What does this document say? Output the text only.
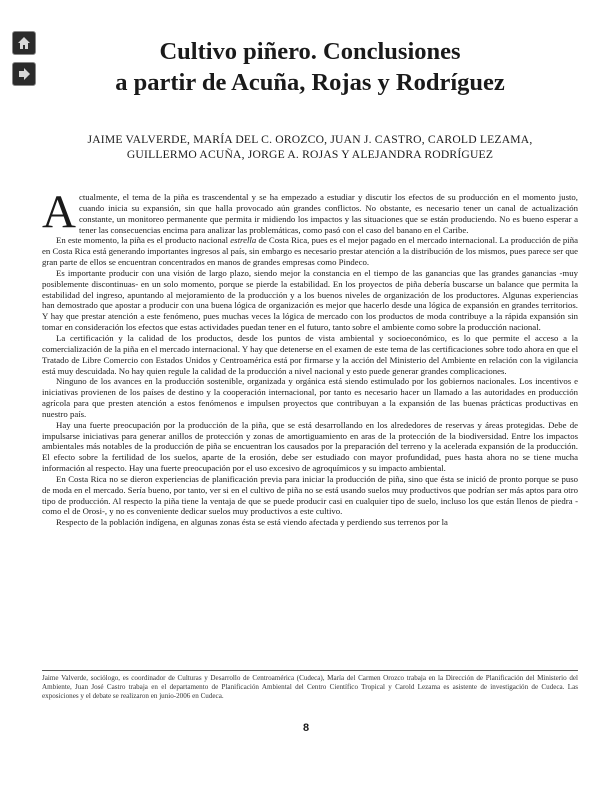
Cultivo piñero. Conclusiones
a partir de Acuña, Rojas y Rodríguez
JAIME VALVERDE, MARÍA DEL C. OROZCO, JUAN J. CASTRO, CAROLD LEZAMA,
GUILLERMO ACUÑA, JORGE A. ROJAS Y ALEJANDRA RODRÍGUEZ

Actualmente, el tema de la piña es trascendental y se ha empezado a estudiar y discutir los efectos de su producción en el momento justo, cuando inicia su expansión, sin que halla provocado aún grandes conflictos. No obstante, es necesario tener un canal de actualización constante, un monitoreo permanente que permita ir midiendo los impactos y las situaciones que se están produciendo. No es bueno esperar a tener las consecuencias encima para analizar las problemáticas, como pasó con el caso del banano en el Caribe.

En este momento, la piña es el producto nacional estrella de Costa Rica, pues es el mejor pagado en el mercado internacional. La producción de piña en Costa Rica está generando importantes ingresos al país, sin embargo es necesario prestar atención a la distribución de los mismos, pues parece ser que gran parte de ellos se encuentran concentrados en manos de grandes empresas como Pindeco.

Es importante producir con una visión de largo plazo, siendo mejor la constancia en el tiempo de las ganancias que las grandes ganancias -muy posiblemente discontinuas- en un solo momento, porque se pierde la estabilidad. En los proyectos de piña debería buscarse un balance que permita la estabilidad del ingreso, apuntando al mejoramiento de la producción y a los buenos niveles de organización de los productores. Algunas experiencias han demostrado que apostar a producir con una buena lógica de organización es mejor que hacerlo desde una lógica de expansión en grandes territorios. Y hay que prestar atención a este fenómeno, pues muchas veces la lógica de mercado con los productos de moda contribuye a la rápida expansión sin tomar en consideración los efectos que estas actividades puedan tener en el futuro, tanto sobre el ambiente como sobre la producción nacional.

La certificación y la calidad de los productos, desde los puntos de vista ambiental y socioeconómico, es lo que permite el acceso a la comercialización de la piña en el mercado internacional. Y hay que detenerse en el examen de este tema de las certificaciones sobre todo ahora en que el Tratado de Libre Comercio con Estados Unidos y Centroamérica está por firmarse y la acción del Ministerio del Ambiente en relación con la vigilancia está muy descuidada. No hay quien regule la calidad de la producción a nivel nacional y esto puede generar grandes complicaciones.

Ninguno de los avances en la producción sostenible, organizada y orgánica está siendo estimulado por los gobiernos nacionales. Los incentivos e iniciativas provienen de los países de destino y la cooperación internacional, por tanto es necesario hacer un llamado a las autoridades en producción agrícola para que presten atención a estos fenómenos e impulsen proyectos que contribuyan a la expansión de las buenas prácticas productivas en nuestro país.

Hay una fuerte preocupación por la producción de la piña, que se está desarrollando en los alrededores de reservas y áreas protegidas. Debe de impulsarse iniciativas para generar anillos de protección y zonas de amortiguamiento en aras de la protección de la biodiversidad. Entre los impactos ambientales más notables de la producción de piña se encuentran los causados por la preparación del terreno y la acelerada expansión de la producción. El efecto sobre la fertilidad de los suelos, aparte de la erosión, debe ser estudiado con mayor profundidad, pues hasta ahora no se tiene mucha información al respecto. Hay una fuerte preocupación por el uso excesivo de agroquímicos y su impacto ambiental.

En Costa Rica no se dieron experiencias de planificación previa para iniciar la producción de piña, sino que ésta se inició de pronto porque se puso de moda en el mercado. Sería bueno, por tanto, ver si en el cultivo de piña no se está usando suelos muy productivos que podrían ser más aptos para otro tipo de producción. Al respecto la piña tiene la ventaja de que se puede producir casi en cualquier tipo de suelo, incluso los que están llenos de piedra -como el de Orosi-, y no es conveniente dedicar suelos muy productivos a este cultivo.

Respecto de la población indígena, en algunas zonas ésta se está viendo afectada y perdiendo sus terrenos por la

Jaime Valverde, sociólogo, es coordinador de Culturas y Desarrollo de Centroamérica (Cudeca), María del Carmen Orozco trabaja en la Dirección de Planificación del Ministerio del Ambiente, Juan José Castro trabaja en el departamento de Planificación Ambiental del Centro Científico Tropical y Carold Lezama es asistente de investigación de Cudeca. Las exposiciones y el debate se realizaron en junio-2006 en Cudeca.
8
